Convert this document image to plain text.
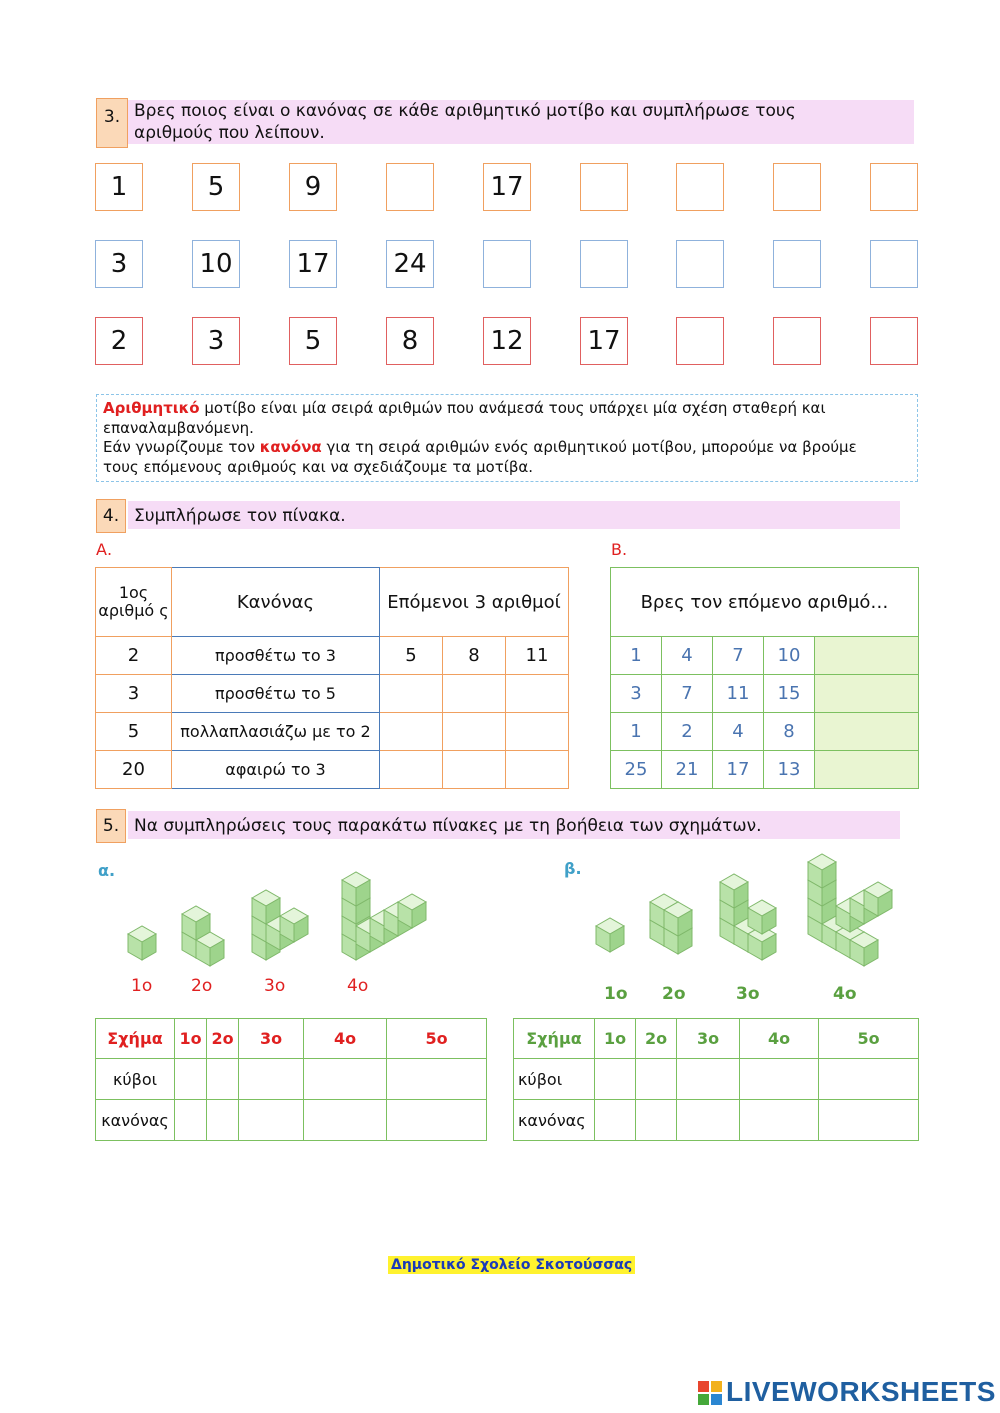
3. Βρες ποιος είναι ο κανόνας σε κάθε αριθμητικό μοτίβο και συμπλήρωσε τους
αριθμούς που λείπουν.
1	5	9	17
3	10 17 24
2	3	5	8	12 17
Αριθμητικό μοτίβο είναι μία σειρά αριθμών που ανάμεσά τους υπάρχει μία σχέση σταθερή και
επαναλαμβανόμενη.
Εάν γνωρίζουμε τον κανόνα για τη σειρά αριθμών ενός αριθμητικού μοτίβου, μπορούμε να βρούμε
τους επόμενους αριθμούς και να σχεδιάζουμε τα μοτίβα.
4. Συμπλήρωσε τον πίνακα.
Α.	Β.
1ος αριθμό ς	Κανόνας	Επόμενοι 3 αριθμοί		
2	προσθέτω το 3	5	8	11
3	προσθέτω το 5			
5	πολλαπλασιάζω με το 2			
20	αφαιρώ το 3			
Βρες τον επόμενο αριθμό…				
1	4	7	10	
3	7	11	15	
1	2	4	8	
25	21	17	13	
5. Να συμπληρώσεις τους παρακάτω πίνακες με τη βοήθεια των σχημάτων.
α.	β.
1ο 2ο	3ο	4ο	1ο 2ο	3ο	4ο
Σχήμα	1ο	2ο	3ο	4ο	5ο
κύβοι					
κανόνας					
Σχήμα	1ο	2ο	3ο	4ο	5ο
κύβοι					
κανόνας					
Δημοτικό Σχολείο Σκοτούσσας
LIVEWORKSHEETS
